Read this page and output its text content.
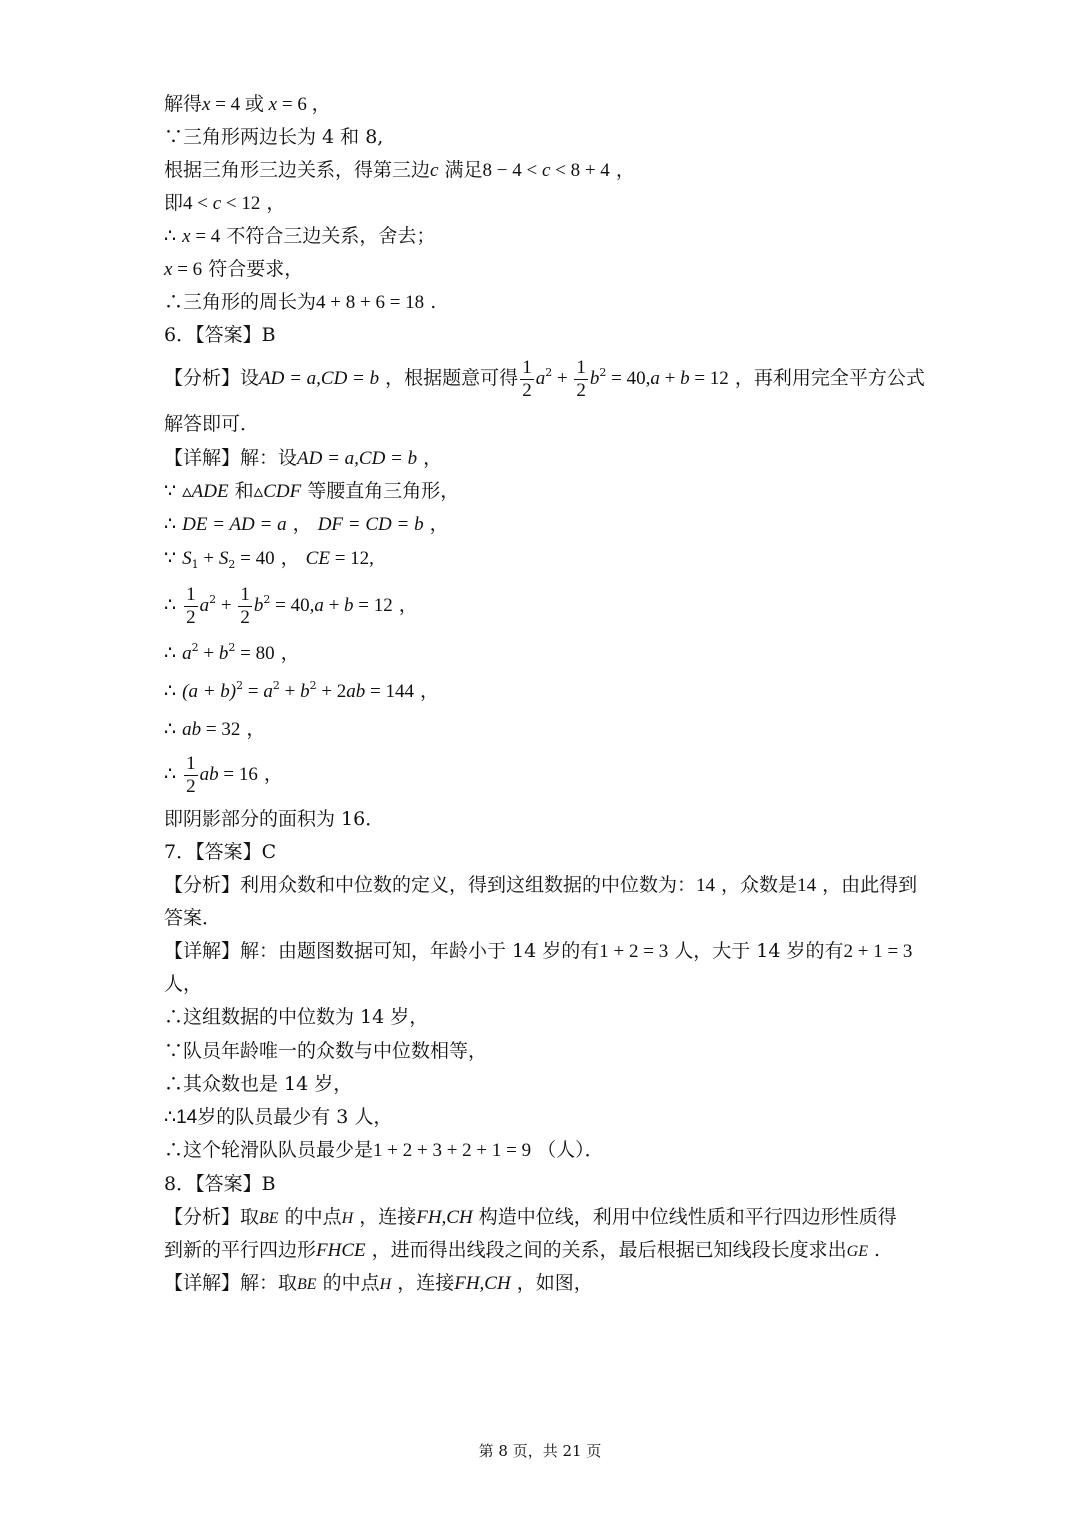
解得x = 4 或 x = 6 ，
∵三角形两边长为 4 和 8,
根据三角形三边关系，得第三边c 满足8 − 4 < c < 8 + 4 ，
即4 < c < 12 ，
∴ x = 4 不符合三边关系，舍去；
x = 6 符合要求，
∴三角形的周长为4 + 8 + 6 = 18 .
6．【答案】B
【分析】设AD = a,CD = b ，根据题意可得 $\frac{1}{2} a^2 + \frac{1}{2} b^2 = 40,a + b = 12$ ，再利用完全平方公式
解答即可．
【详解】解：设AD = a,CD = b ，
∵ ▵ADE 和▵CDF 等腰直角三角形，
∴ DE = AD = a ， DF = CD = b ，
∵ $S_1 + S_2 = 40$ ， CE = 12,
∴ $\frac{1}{2} a^2 + \frac{1}{2} b^2 = 40,a + b = 12$ ，
∴ $a^2 + b^2 = 80$ ，
∴ $(a + b)^2 = a^2 + b^2 + 2ab = 144$ ，
∴ ab = 32 ，
∴ $\frac{1}{2}$ ab = 16 ，
即阴影部分的面积为 16．
7．【答案】C
【分析】利用众数和中位数的定义，得到这组数据的中位数为：14 ，众数是14 ，由此得到
答案．
【详解】解：由题图数据可知，年龄小于 14 岁的有1 + 2 = 3 人，大于 14 岁的有2 + 1 = 3
人，
∴这组数据的中位数为 14 岁，
∵队员年龄唯一的众数与中位数相等，
∴其众数也是 14 岁，
∴14岁的队员最少有 3 人，
∴这个轮滑队队员最少是1 + 2 + 3 + 2 + 1 = 9 （人）．
8．【答案】B
【分析】取BE 的中点H ，连接FH,CH 构造中位线，利用中位线性质和平行四边形性质得
到新的平行四边形FHCE ，进而得出线段之间的关系，最后根据已知线段长度求出GE .
【详解】解：取BE 的中点H ，连接FH,CH ，如图，
第 8 页，共 21 页
